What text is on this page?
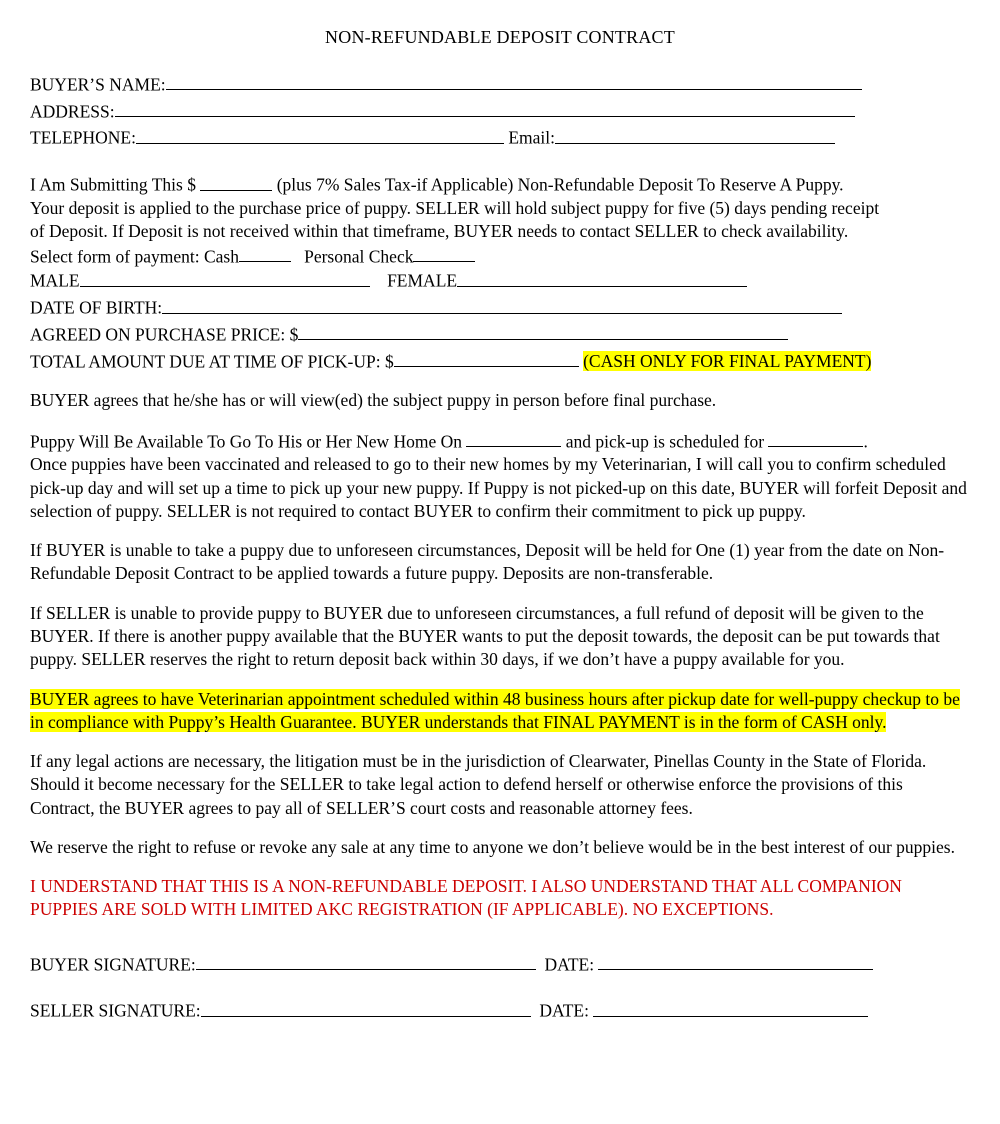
NON-REFUNDABLE DEPOSIT CONTRACT
BUYER’S NAME:
ADDRESS:
TELEPHONE:	Email:
I Am Submitting This $	(plus 7% Sales Tax-if Applicable) Non-Refundable Deposit To Reserve A Puppy.
Your deposit is applied to the purchase price of puppy. SELLER will hold subject puppy for five (5) days pending receipt
of Deposit. If Deposit is not received within that timeframe, BUYER needs to contact SELLER to check availability.
Select form of payment: Cash	Personal Check
MALE	FEMALE
DATE OF BIRTH:
AGREED ON PURCHASE PRICE: $
TOTAL AMOUNT DUE AT TIME OF PICK-UP: $	(CASH ONLY FOR FINAL PAYMENT)
BUYER agrees that he/she has or will view(ed) the subject puppy in person before final purchase.
Puppy Will Be Available To Go To His or Her New Home On	and pick-up is scheduled for	.
Once puppies have been vaccinated and released to go to their new homes by my Veterinarian, I will call you to confirm scheduled pick-up day and will set up a time to pick up your new puppy. If Puppy is not picked-up on this date, BUYER will forfeit Deposit and selection of puppy. SELLER is not required to contact BUYER to confirm their commitment to pick up puppy.
If BUYER is unable to take a puppy due to unforeseen circumstances, Deposit will be held for One (1) year from the date on Non-Refundable Deposit Contract to be applied towards a future puppy. Deposits are non-transferable.
If SELLER is unable to provide puppy to BUYER due to unforeseen circumstances, a full refund of deposit will be given to the BUYER. If there is another puppy available that the BUYER wants to put the deposit towards, the deposit can be put towards that puppy. SELLER reserves the right to return deposit back within 30 days, if we don’t have a puppy available for you.
BUYER agrees to have Veterinarian appointment scheduled within 48 business hours after pickup date for well-puppy checkup to be in compliance with Puppy’s Health Guarantee. BUYER understands that FINAL PAYMENT is in the form of CASH only.
If any legal actions are necessary, the litigation must be in the jurisdiction of Clearwater, Pinellas County in the State of Florida. Should it become necessary for the SELLER to take legal action to defend herself or otherwise enforce the provisions of this Contract, the BUYER agrees to pay all of SELLER’S court costs and reasonable attorney fees.
We reserve the right to refuse or revoke any sale at any time to anyone we don’t believe would be in the best interest of our puppies.
I UNDERSTAND THAT THIS IS A NON-REFUNDABLE DEPOSIT. I ALSO UNDERSTAND THAT ALL COMPANION PUPPIES ARE SOLD WITH LIMITED AKC REGISTRATION (IF APPLICABLE). NO EXCEPTIONS.
BUYER SIGNATURE:	DATE:
SELLER SIGNATURE:	DATE:
